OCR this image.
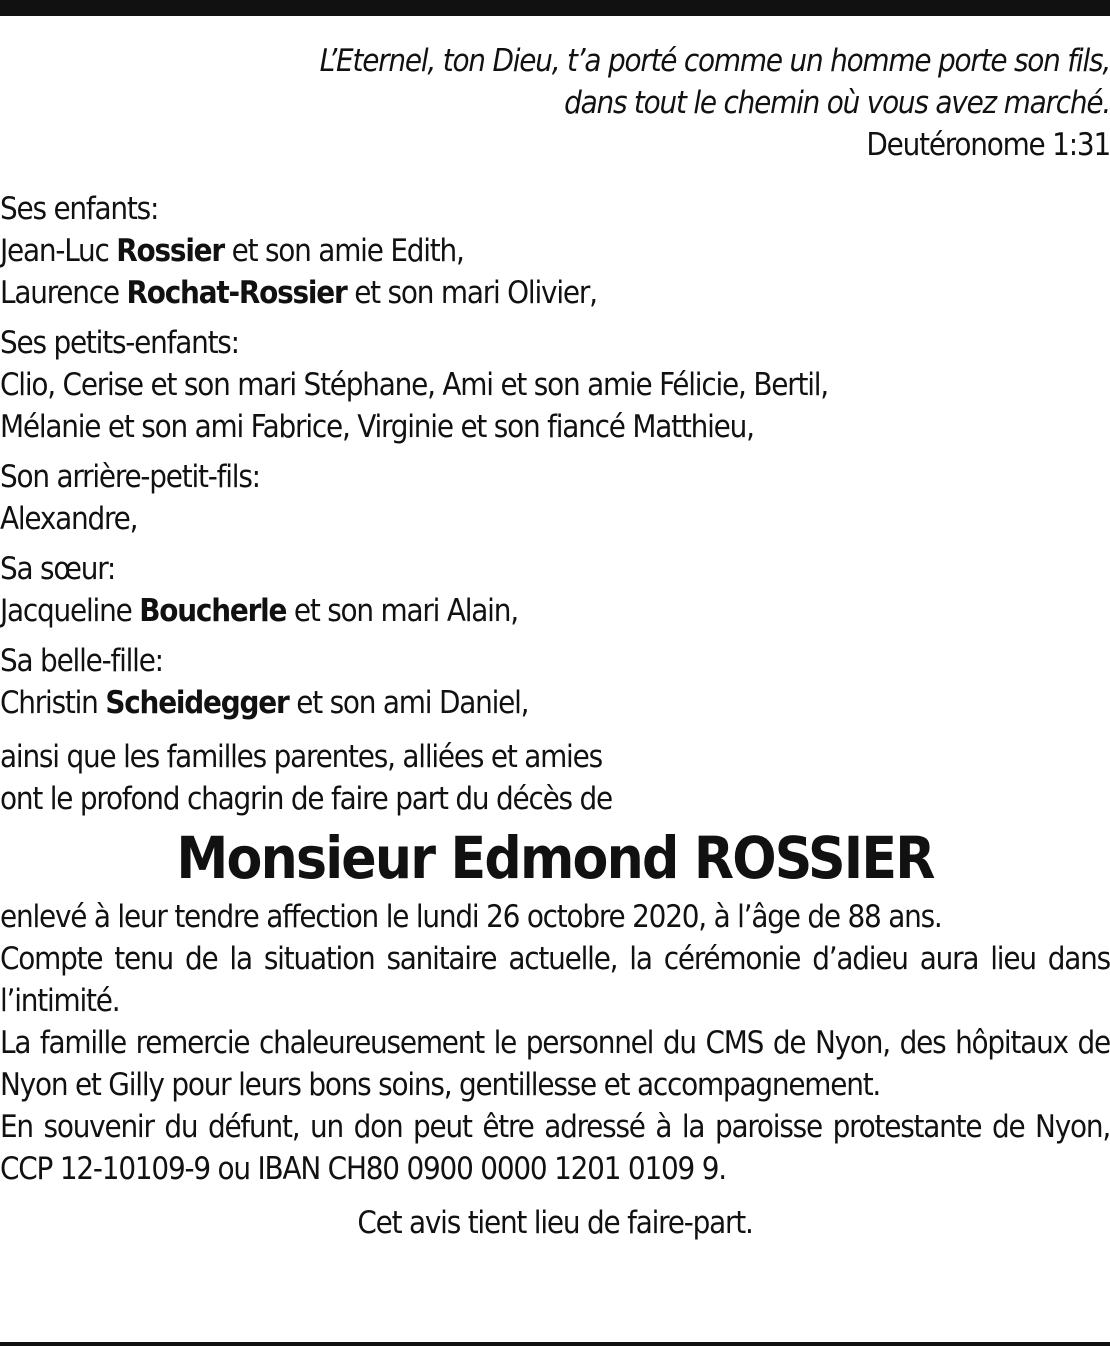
L’Eternel, ton Dieu, t’a porté comme un homme porte son fils,

dans tout le chemin où vous avez marché.

Deutéronome 1:31

Ses enfants:

Jean-Luc Rossier et son amie Edith,

Laurence Rochat-Rossier et son mari Olivier,

Ses petits-enfants:

Clio, Cerise et son mari Stéphane, Ami et son amie Félicie, Bertil,

Mélanie et son ami Fabrice, Virginie et son fiancé Matthieu,

Son arrière-petit-fils:

Alexandre,

Sa sœur:

Jacqueline Boucherle et son mari Alain,

Sa belle-fille:

Christin Scheidegger et son ami Daniel,

ainsi que les familles parentes, alliées et amies

ont le profond chagrin de faire part du décès de

Monsieur Edmond ROSSIER

enlevé à leur tendre affection le lundi 26 octobre 2020, à l’âge de 88 ans.

Compte tenu de la situation sanitaire actuelle, la cérémonie d’adieu aura lieu dans l’intimité.

La famille remercie chaleureusement le personnel du CMS de Nyon, des hôpitaux de Nyon et Gilly pour leurs bons soins, gentillesse et accompagnement.

En souvenir du défunt, un don peut être adressé à la paroisse protestante de Nyon, CCP 12-10109-9 ou IBAN CH80 0900 0000 1201 0109 9.

Cet avis tient lieu de faire-part.
